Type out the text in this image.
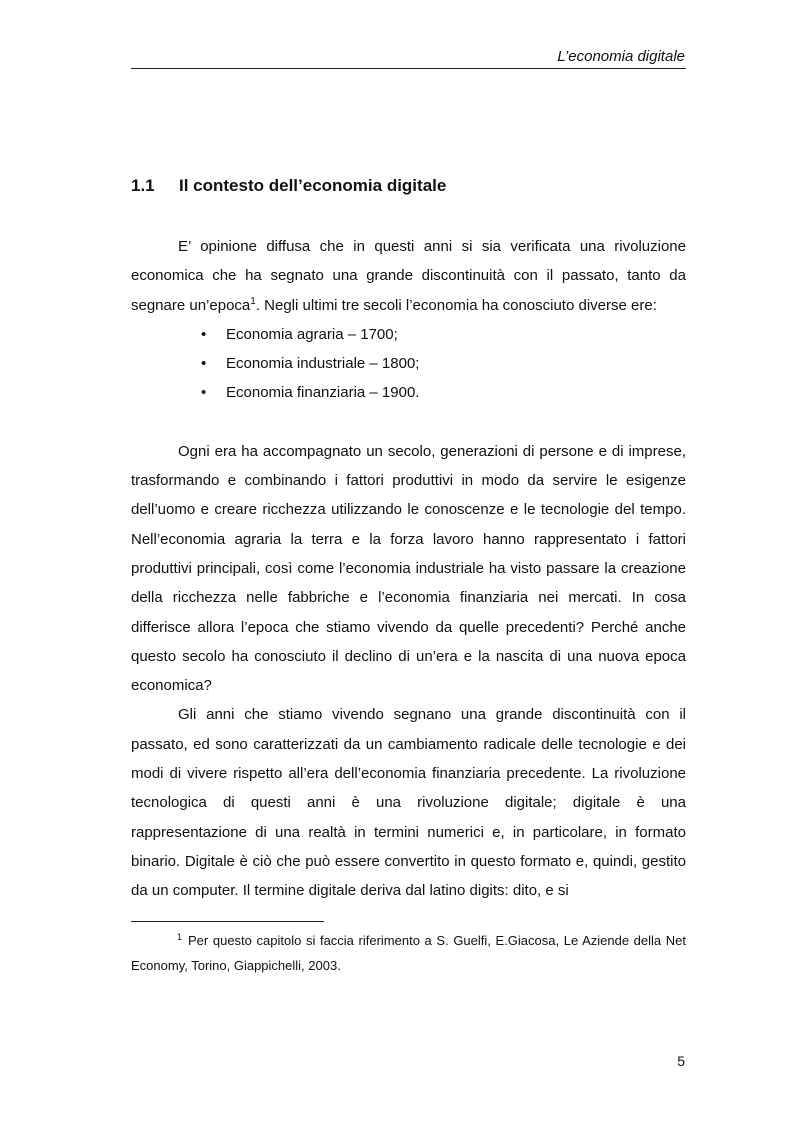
L’economia digitale
1.1 Il contesto dell’economia digitale

E’ opinione diffusa che in questi anni si sia verificata una rivoluzione economica che ha segnato una grande discontinuità con il passato, tanto da segnare un’epoca$^1$. Negli ultimi tre secoli l’economia ha conosciuto diverse ere:

• Economia agraria – 1700;
• Economia industriale – 1800;
• Economia finanziaria – 1900.

Ogni era ha accompagnato un secolo, generazioni di persone e di imprese, trasformando e combinando i fattori produttivi in modo da servire le esigenze dell’uomo e creare ricchezza utilizzando le conoscenze e le tecnologie del tempo. Nell’economia agraria la terra e la forza lavoro hanno rappresentato i fattori produttivi principali, così come l’economia industriale ha visto passare la creazione della ricchezza nelle fabbriche e l’economia finanziaria nei mercati. In cosa differisce allora l’epoca che stiamo vivendo da quelle precedenti? Perché anche questo secolo ha conosciuto il declino di un’era e la nascita di una nuova epoca economica?

Gli anni che stiamo vivendo segnano una grande discontinuità con il passato, ed sono caratterizzati da un cambiamento radicale delle tecnologie e dei modi di vivere rispetto all’era dell’economia finanziaria precedente. La rivoluzione tecnologica di questi anni è una rivoluzione digitale; digitale è una rappresentazione di una realtà in termini numerici e, in particolare, in formato binario. Digitale è ciò che può essere convertito in questo formato e, quindi, gestito da un computer. Il termine digitale deriva dal latino digits: dito, e si

$^1$ Per questo capitolo si faccia riferimento a S. Guelfi, E.Giacosa, Le Aziende della Net Economy, Torino, Giappichelli, 2003.
5
